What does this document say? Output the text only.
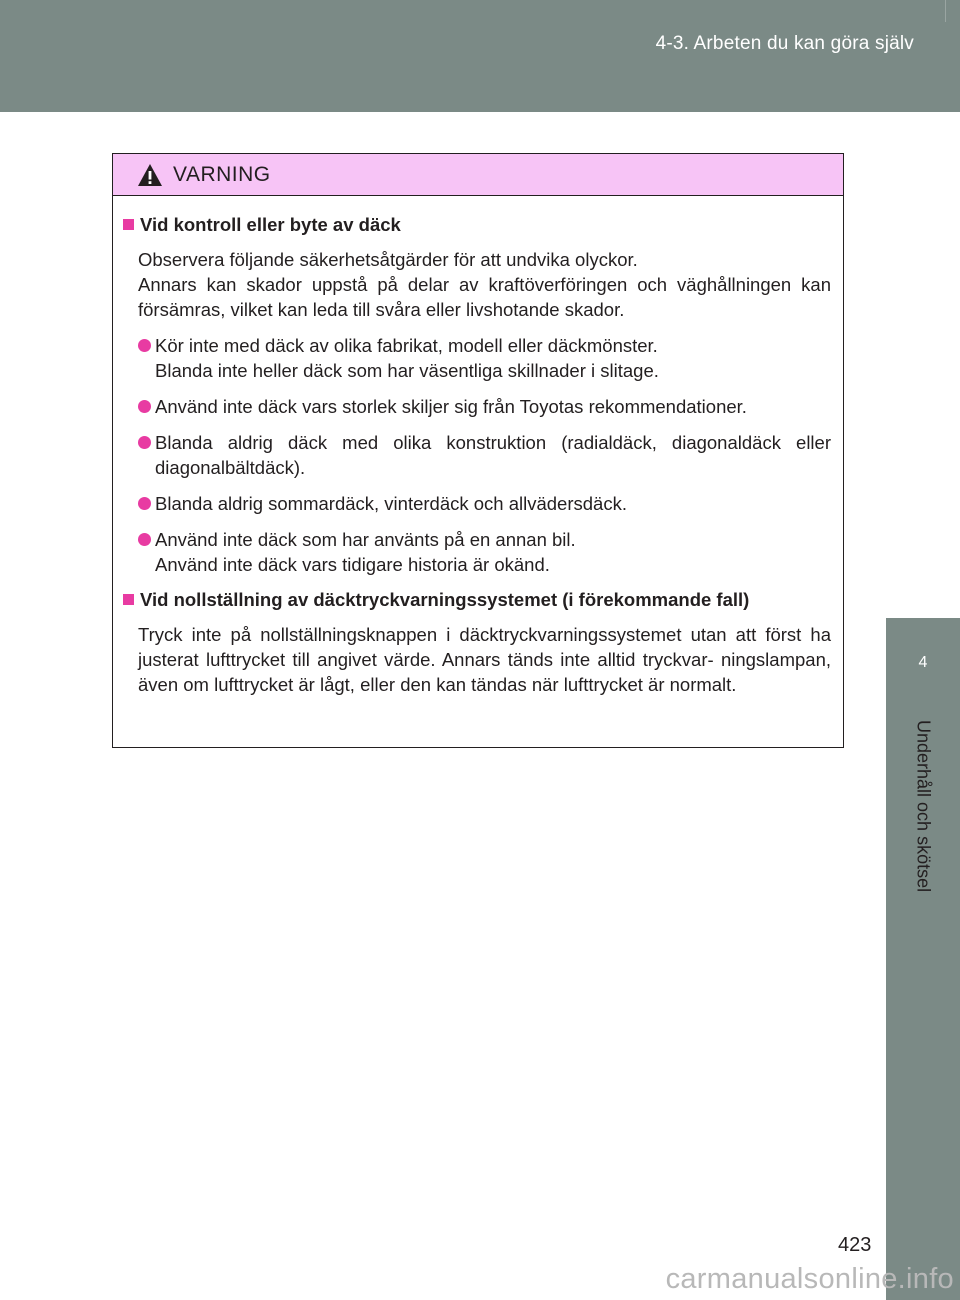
4-3. Arbeten du kan göra själv
4
Underhåll och skötsel
VARNING
Vid kontroll eller byte av däck

Observera följande säkerhetsåtgärder för att undvika olyckor.

Annars kan skador uppstå på delar av kraftöverföringen och väghållningen kan försämras, vilket kan leda till svåra eller livshotande skador.

Kör inte med däck av olika fabrikat, modell eller däckmönster.
Blanda inte heller däck som har väsentliga skillnader i slitage.
Använd inte däck vars storlek skiljer sig från Toyotas rekommendationer.
Blanda aldrig däck med olika konstruktion (radialdäck, diagonaldäck eller diagonalbältdäck).
Blanda aldrig sommardäck, vinterdäck och allvädersdäck.
Använd inte däck som har använts på en annan bil.
Använd inte däck vars tidigare historia är okänd.
Vid nollställning av däcktryckvarningssystemet (i förekommande fall)

Tryck inte på nollställningsknappen i däcktryckvarningssystemet utan att först ha justerat lufttrycket till angivet värde. Annars tänds inte alltid tryckvar- ningslampan, även om lufttrycket är lågt, eller den kan tändas när lufttrycket är normalt.

423
carmanualsonline.info
